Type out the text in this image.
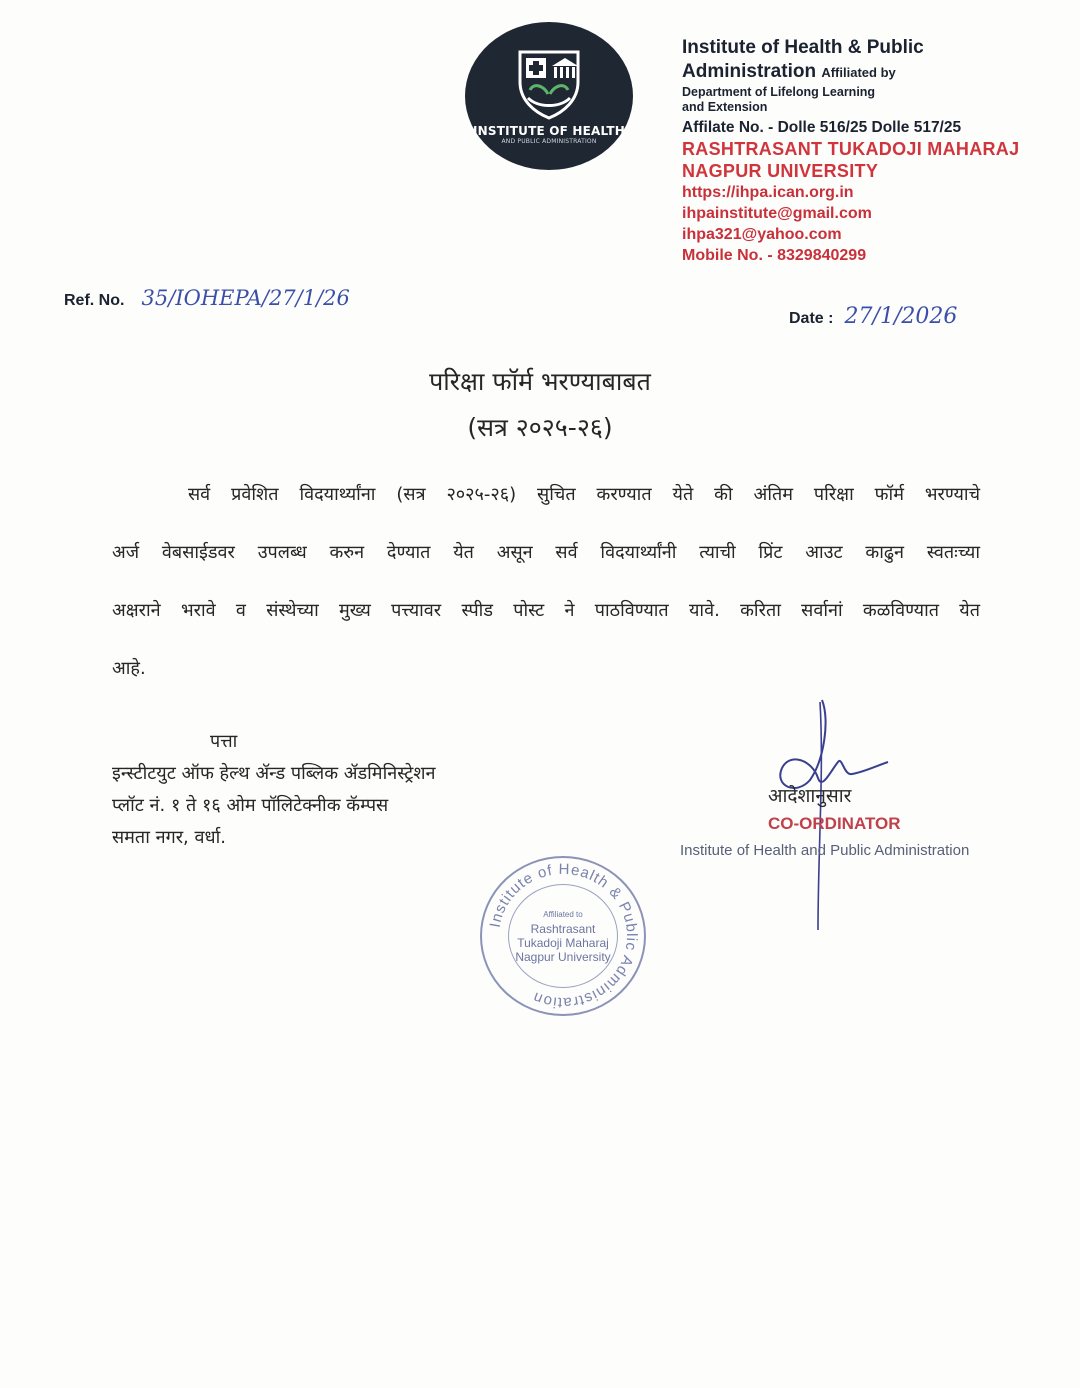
INSTITUTE OF HEALTH
AND PUBLIC ADMINISTRATION
Institute of Health & Public
Administration Affiliated by
Department of Lifelong Learning
and Extension
Affilate No. - Dolle 516/25 Dolle 517/25
RASHTRASANT TUKADOJI MAHARAJ
NAGPUR UNIVERSITY
https://ihpa.ican.org.in
ihpainstitute@gmail.com
ihpa321@yahoo.com
Mobile No. - 8329840299
Ref. No. 35/IOHEPA/27/1/26
Date : 27/1/2026
परिक्षा फॉर्म भरण्याबाबत
(सत्र २०२५-२६)

सर्व प्रवेशित विदयार्थ्यांना (सत्र २०२५-२६) सुचित करण्यात येते की अंतिम परिक्षा फॉर्म भरण्याचे

अर्ज वेबसाईडवर उपलब्ध करुन देण्यात येत असून सर्व विदयार्थ्यांनी त्याची प्रिंट आउट काढुन स्वतःच्या

अक्षराने भरावे व संस्थेच्या मुख्य पत्त्यावर स्पीड पोस्ट ने पाठविण्यात यावे. करिता सर्वानां कळविण्यात येत

आहे.

पत्ता
इन्स्टीटयुट ऑफ हेल्थ ॲन्ड पब्लिक ॲडमिनिस्ट्रेशन
प्लॉट नं. १ ते १६ ओम पॉलिटेक्नीक कॅम्पस
समता नगर, वर्धा.
आदेशानुसार
CO-ORDINATOR
Institute of Health and Public Administration
Institute of Health & Public Administration
Affiliated to
Rashtrasant
Tukadoji Maharaj
Nagpur University
